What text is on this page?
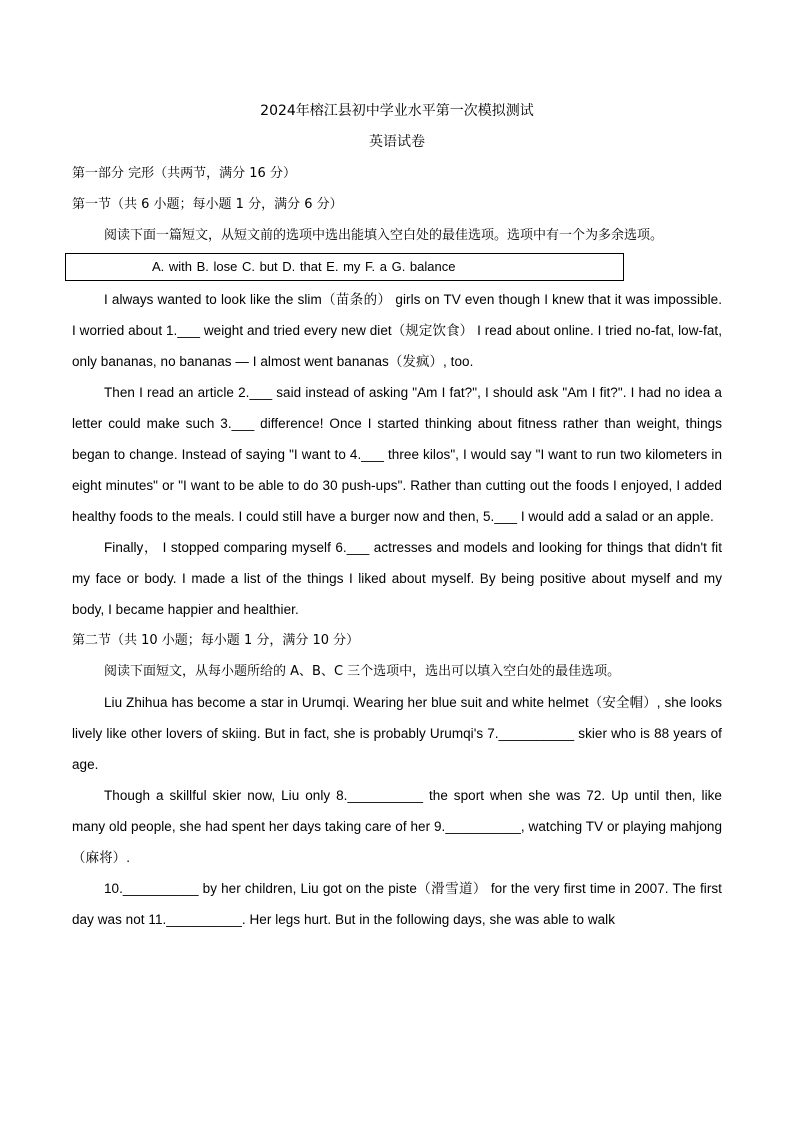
2024年榕江县初中学业水平第一次模拟测试
英语试卷
第一部分 完形（共两节，满分 16 分）
第一节（共 6 小题；每小题 1 分，满分 6 分）

阅读下面一篇短文，从短文前的选项中选出能填入空白处的最佳选项。选项中有一个为多余选项。

A. with B. lose C. but D. that E. my F. a G. balance

I always wanted to look like the slim（苗条的） girls on TV even though I knew that it was impossible. I worried about 1.___ weight and tried every new diet（规定饮食） I read about online. I tried no-fat, low-fat, only bananas, no bananas — I almost went bananas（发疯）, too.

Then I read an article 2.___ said instead of asking "Am I fat?", I should ask "Am I fit?". I had no idea a letter could make such 3.___ difference! Once I started thinking about fitness rather than weight, things began to change. Instead of saying "I want to 4.___ three kilos", I would say "I want to run two kilometers in eight minutes" or "I want to be able to do 30 push-ups". Rather than cutting out the foods I enjoyed, I added healthy foods to the meals. I could still have a burger now and then, 5.___ I would add a salad or an apple.

Finally， I stopped comparing myself 6.___ actresses and models and looking for things that didn't fit my face or body. I made a list of the things I liked about myself. By being positive about myself and my body, I became happier and healthier.

第二节（共 10 小题；每小题 1 分，满分 10 分）

阅读下面短文，从每小题所给的 A、B、C 三个选项中，选出可以填入空白处的最佳选项。

Liu Zhihua has become a star in Urumqi. Wearing her blue suit and white helmet（安全帽）, she looks lively like other lovers of skiing. But in fact, she is probably Urumqi's 7.__________ skier who is 88 years of age.

Though a skillful skier now, Liu only 8.__________ the sport when she was 72. Up until then, like many old people, she had spent her days taking care of her 9.__________, watching TV or playing mahjong（麻将）.

10.__________ by her children, Liu got on the piste（滑雪道） for the very first time in 2007. The first day was not 11.__________. Her legs hurt. But in the following days, she was able to walk
